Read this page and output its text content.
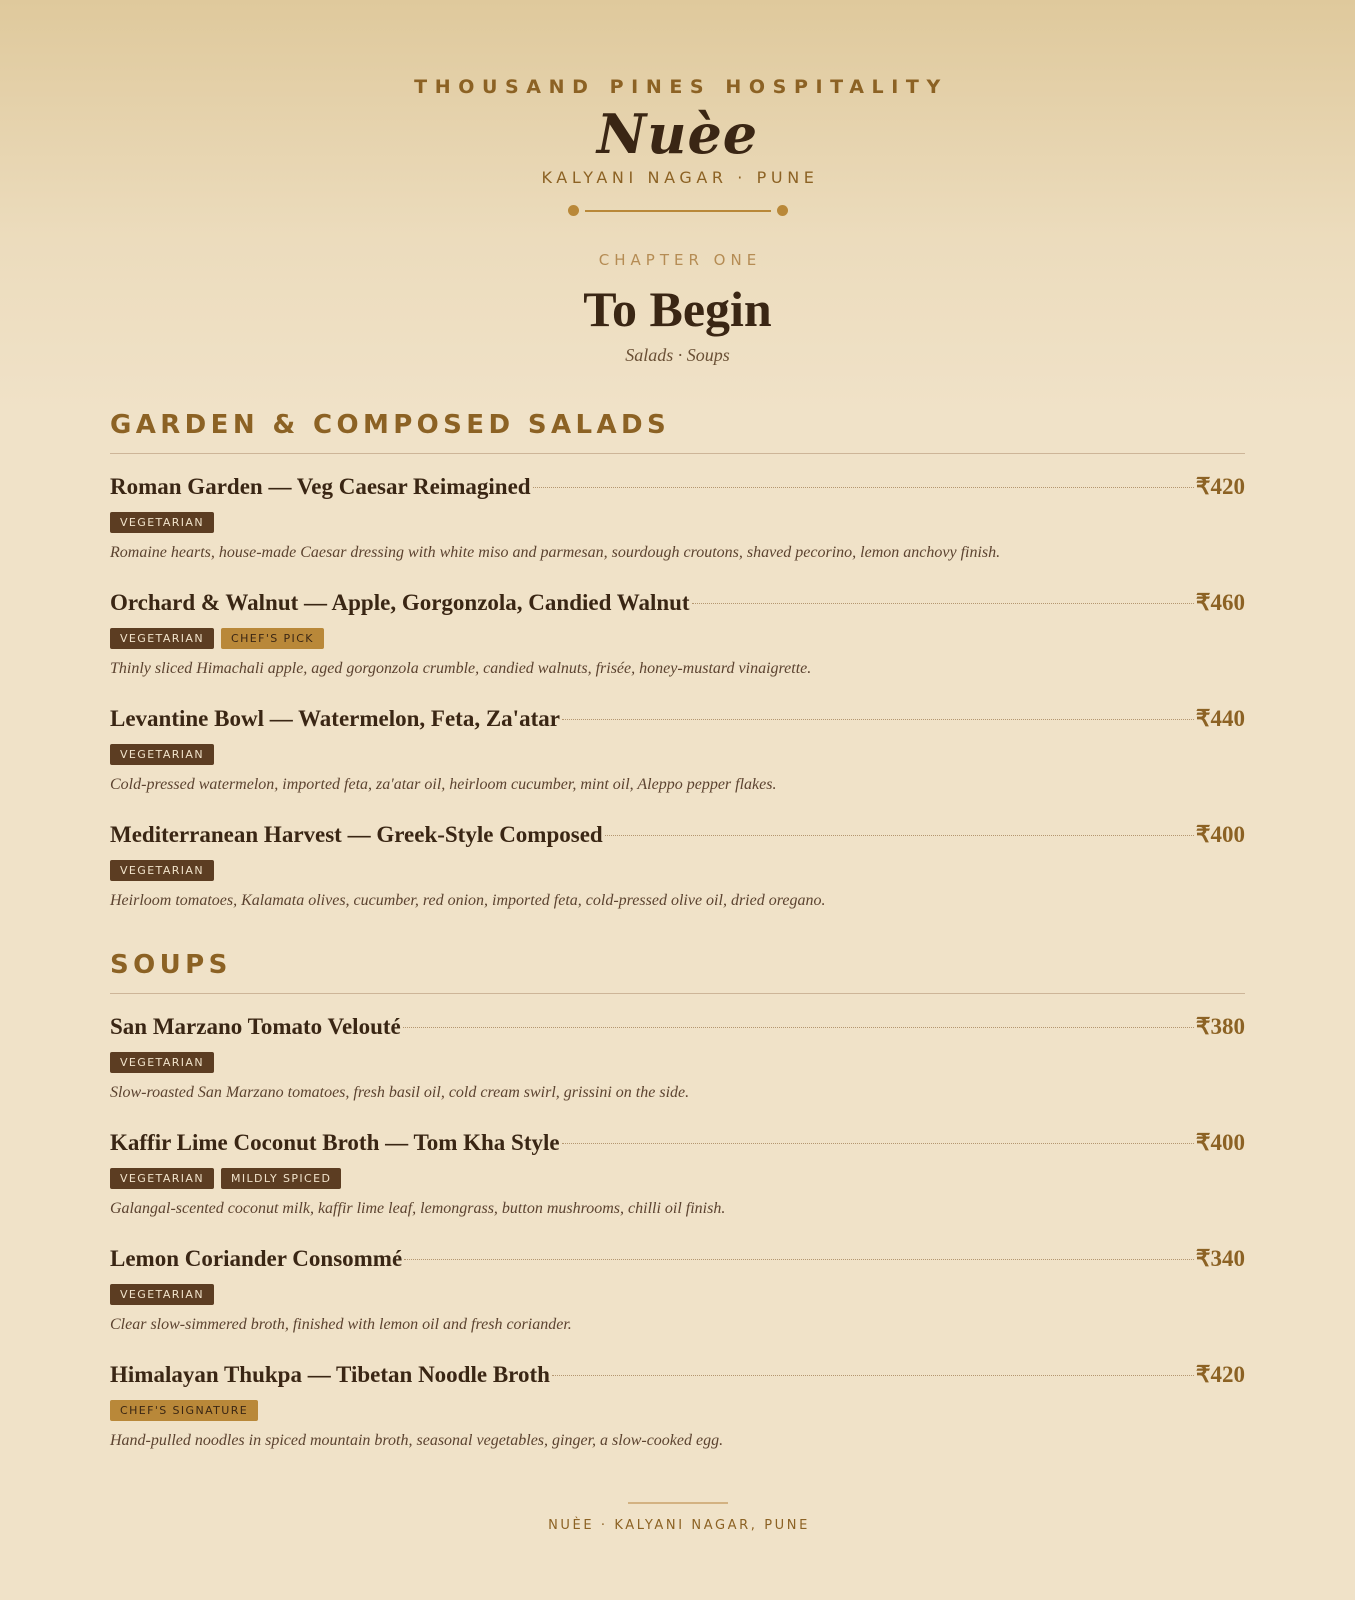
THOUSAND PINES HOSPITALITY
Nuèe
KALYANI NAGAR · PUNE
CHAPTER ONE
To Begin
Salads · Soups
GARDEN & COMPOSED SALADS
Roman Garden — Veg Caesar Reimagined	₹420
VEGETARIAN
Romaine hearts, house-made Caesar dressing with white miso and parmesan, sourdough croutons, shaved pecorino, lemon anchovy finish.
Orchard & Walnut — Apple, Gorgonzola, Candied Walnut	₹460
VEGETARIAN	CHEF'S PICK
Thinly sliced Himachali apple, aged gorgonzola crumble, candied walnuts, frisée, honey-mustard vinaigrette.
Levantine Bowl — Watermelon, Feta, Za'atar	₹440
VEGETARIAN
Cold-pressed watermelon, imported feta, za'atar oil, heirloom cucumber, mint oil, Aleppo pepper flakes.
Mediterranean Harvest — Greek-Style Composed	₹400
VEGETARIAN
Heirloom tomatoes, Kalamata olives, cucumber, red onion, imported feta, cold-pressed olive oil, dried oregano.
SOUPS
San Marzano Tomato Velouté	₹380
VEGETARIAN
Slow-roasted San Marzano tomatoes, fresh basil oil, cold cream swirl, grissini on the side.
Kaffir Lime Coconut Broth — Tom Kha Style	₹400
VEGETARIAN	MILDLY SPICED
Galangal-scented coconut milk, kaffir lime leaf, lemongrass, button mushrooms, chilli oil finish.
Lemon Coriander Consommé	₹340
VEGETARIAN
Clear slow-simmered broth, finished with lemon oil and fresh coriander.
Himalayan Thukpa — Tibetan Noodle Broth	₹420
CHEF'S SIGNATURE
Hand-pulled noodles in spiced mountain broth, seasonal vegetables, ginger, a slow-cooked egg.
NUÈE · KALYANI NAGAR, PUNE
